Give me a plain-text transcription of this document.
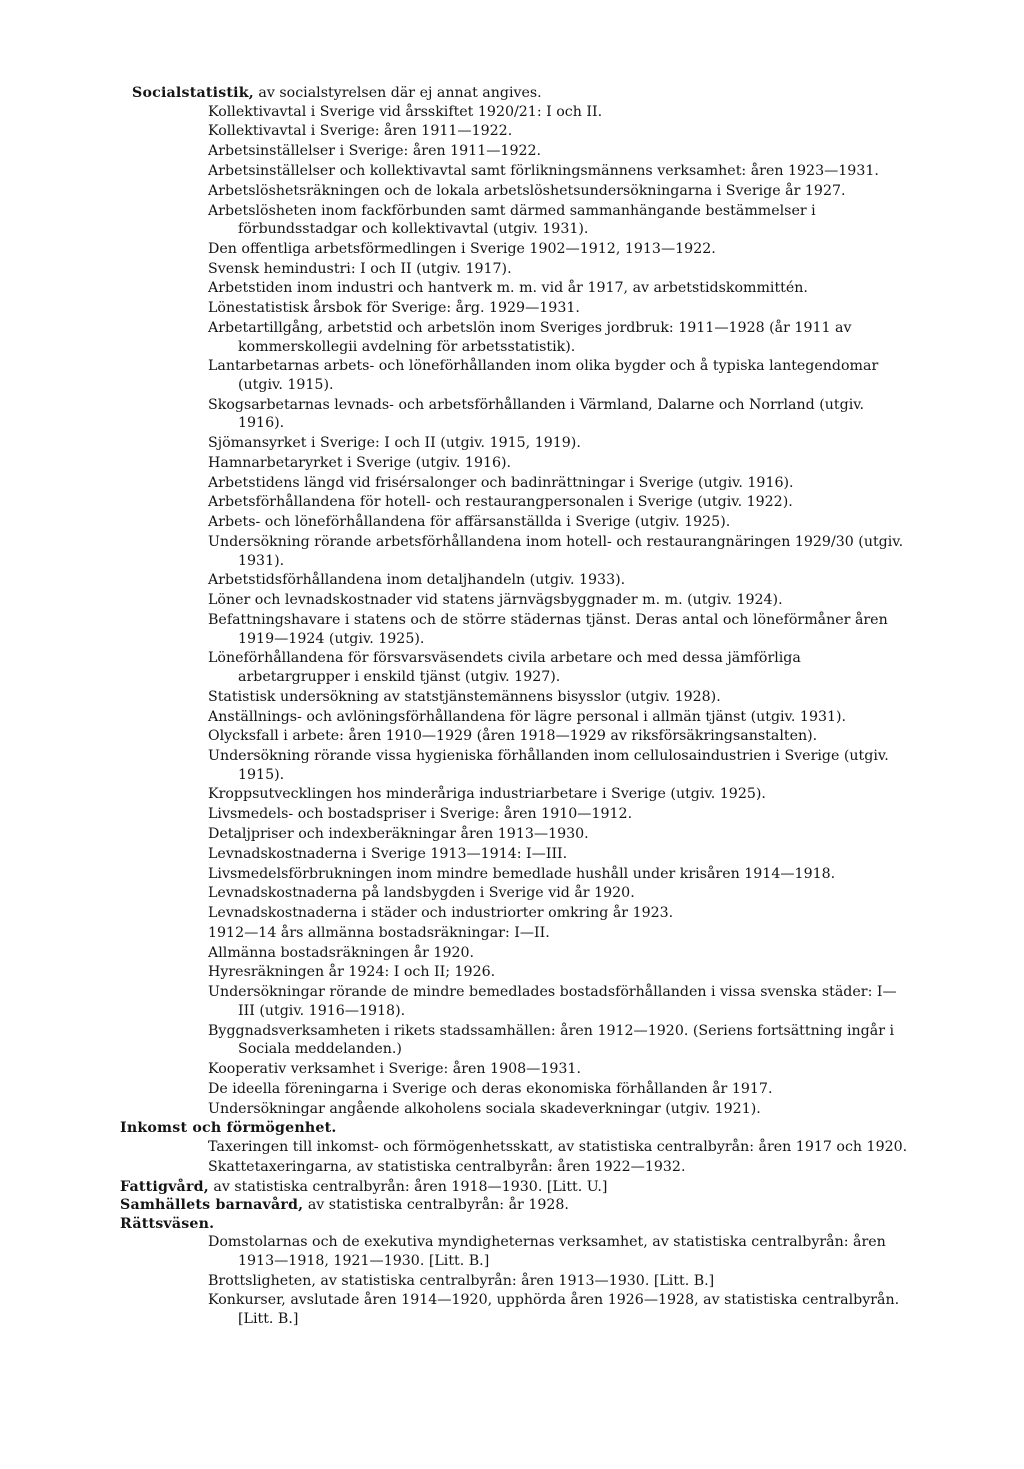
Socialstatistik, av socialstyrelsen där ej annat angives.
Kollektivavtal i Sverige vid årsskiftet 1920/21: I och II.
Kollektivavtal i Sverige: åren 1911—1922.
Arbetsinställelser i Sverige: åren 1911—1922.
Arbetsinställelser och kollektivavtal samt förlikningsmännens verksamhet: åren 1923—1931.
Arbetslöshetsräkningen och de lokala arbetslöshetsundersökningarna i Sverige år 1927.
Arbetslösheten inom fackförbunden samt därmed sammanhängande bestämmelser i förbundsstadgar och kollektivavtal (utgiv. 1931).
Den offentliga arbetsförmedlingen i Sverige 1902—1912, 1913—1922.
Svensk hemindustri: I och II (utgiv. 1917).
Arbetstiden inom industri och hantverk m. m. vid år 1917, av arbetstidskommittén.
Lönestatistisk årsbok för Sverige: årg. 1929—1931.
Arbetartillgång, arbetstid och arbetslön inom Sveriges jordbruk: 1911—1928 (år 1911 av kommerskollegii avdelning för arbetsstatistik).
Lantarbetarnas arbets- och löneförhållanden inom olika bygder och å typiska lantegendomar (utgiv. 1915).
Skogsarbetarnas levnads- och arbetsförhållanden i Värmland, Dalarne och Norrland (utgiv. 1916).
Sjömansyrket i Sverige: I och II (utgiv. 1915, 1919).
Hamnarbetaryrket i Sverige (utgiv. 1916).
Arbetstidens längd vid frisérsalonger och badinrättningar i Sverige (utgiv. 1916).
Arbetsförhållandena för hotell- och restaurangpersonalen i Sverige (utgiv. 1922).
Arbets- och löneförhållandena för affärsanställda i Sverige (utgiv. 1925).
Undersökning rörande arbetsförhållandena inom hotell- och restaurangnäringen 1929/30 (utgiv. 1931).
Arbetstidsförhållandena inom detaljhandeln (utgiv. 1933).
Löner och levnadskostnader vid statens järnvägsbyggnader m. m. (utgiv. 1924).
Befattningshavare i statens och de större städernas tjänst. Deras antal och löneförmåner åren 1919—1924 (utgiv. 1925).
Löneförhållandena för försvarsväsendets civila arbetare och med dessa jämförliga arbetargrupper i enskild tjänst (utgiv. 1927).
Statistisk undersökning av statstjänstemännens bisysslor (utgiv. 1928).
Anställnings- och avlöningsförhållandena för lägre personal i allmän tjänst (utgiv. 1931).
Olycksfall i arbete: åren 1910—1929 (åren 1918—1929 av riksförsäkringsanstalten).
Undersökning rörande vissa hygieniska förhållanden inom cellulosaindustrien i Sverige (utgiv. 1915).
Kroppsutvecklingen hos minderåriga industriarbetare i Sverige (utgiv. 1925).
Livsmedels- och bostadspriser i Sverige: åren 1910—1912.
Detaljpriser och indexberäkningar åren 1913—1930.
Levnadskostnaderna i Sverige 1913—1914: I—III.
Livsmedelsförbrukningen inom mindre bemedlade hushåll under krisåren 1914—1918.
Levnadskostnaderna på landsbygden i Sverige vid år 1920.
Levnadskostnaderna i städer och industriorter omkring år 1923.
1912—14 års allmänna bostadsräkningar: I—II.
Allmänna bostadsräkningen år 1920.
Hyresräkningen år 1924: I och II; 1926.
Undersökningar rörande de mindre bemedlades bostadsförhållanden i vissa svenska städer: I—III (utgiv. 1916—1918).
Byggnadsverksamheten i rikets stadssamhällen: åren 1912—1920. (Seriens fortsättning ingår i Sociala meddelanden.)
Kooperativ verksamhet i Sverige: åren 1908—1931.
De ideella föreningarna i Sverige och deras ekonomiska förhållanden år 1917.
Undersökningar angående alkoholens sociala skadeverkningar (utgiv. 1921).
Inkomst och förmögenhet.
Taxeringen till inkomst- och förmögenhetsskatt, av statistiska centralbyrån: åren 1917 och 1920.
Skattetaxeringarna, av statistiska centralbyrån: åren 1922—1932.
Fattigvård, av statistiska centralbyrån: åren 1918—1930. [Litt. U.]
Samhällets barnavård, av statistiska centralbyrån: år 1928.
Rättsväsen.
Domstolarnas och de exekutiva myndigheternas verksamhet, av statistiska centralbyrån: åren 1913—1918, 1921—1930. [Litt. B.]
Brottsligheten, av statistiska centralbyrån: åren 1913—1930. [Litt. B.]
Konkurser, avslutade åren 1914—1920, upphörda åren 1926—1928, av statistiska centralbyrån. [Litt. B.]
